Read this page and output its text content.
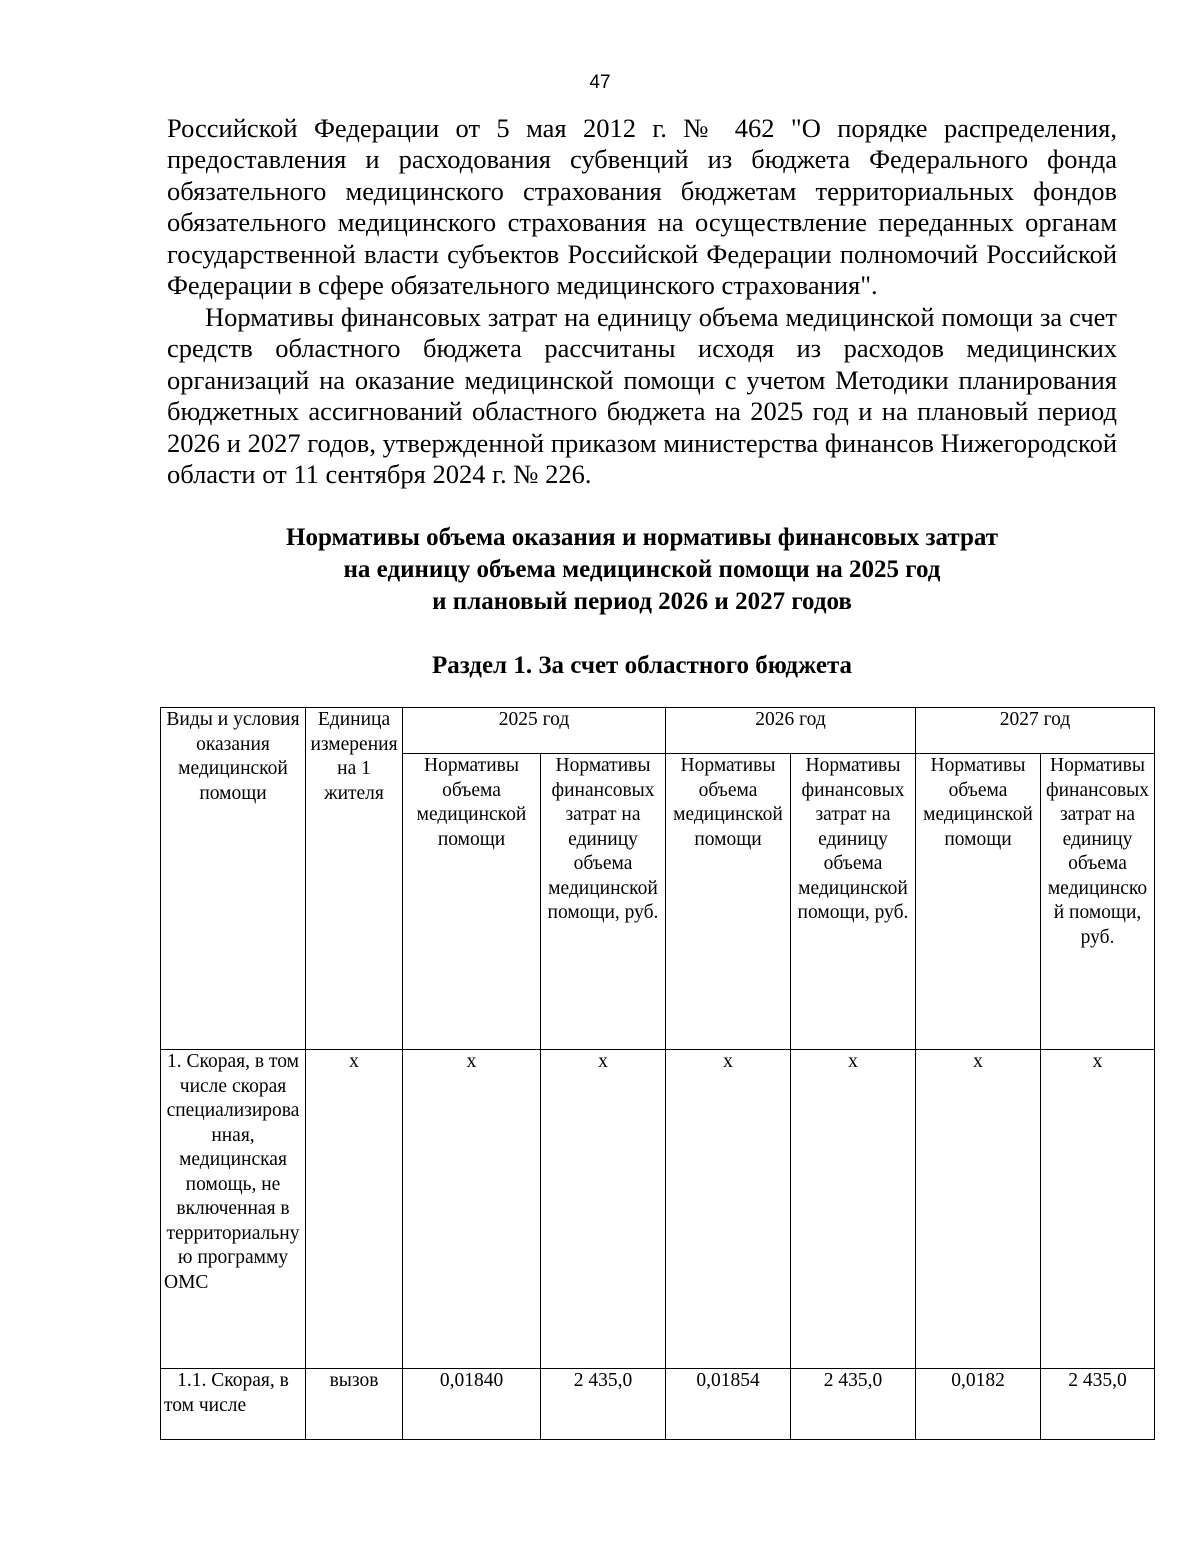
47

Российской Федерации от 5 мая 2012 г. № 462 "О порядке распределения, предоставления и расходования субвенций из бюджета Федерального фонда обязательного медицинского страхования бюджетам территориальных фондов обязательного медицинского страхования на осуществление переданных органам государственной власти субъектов Российской Федерации полномочий Российской Федерации в сфере обязательного медицинского страхования".

Нормативы финансовых затрат на единицу объема медицинской помощи за счет средств областного бюджета рассчитаны исходя из расходов медицинских организаций на оказание медицинской помощи с учетом Методики планирования бюджетных ассигнований областного бюджета на 2025 год и на плановый период 2026 и 2027 годов, утвержденной приказом министерства финансов Нижегородской области от 11 сентября 2024 г. № 226.

Нормативы объема оказания и нормативы финансовых затрат
на единицу объема медицинской помощи на 2025 год
и плановый период 2026 и 2027 годов
Раздел 1. За счет областного бюджета
Виды и условия оказания медицинской помощи	Единица измерения на 1 жителя	2025 год		2026 год		2027 год	
		Нормативы объема медицинской помощи	Нормативы финансовых затрат на единицу объема медицинской помощи, руб.	Нормативы объема медицинской помощи	Нормативы финансовых затрат на единицу объема медицинской помощи, руб.	Нормативы объема медицинской помощи	Нормативы финансовых затрат на единицу объема медицинской помощи, руб.
1. Скорая, в том числе скорая специализированная, медицинская помощь, не включенная в территориальную программу ОМС	х	х	х	х	х	х	х
1.1. Скорая, в том числе	вызов	0,01840	2 435,0	0,01854	2 435,0	0,0182	2 435,0
